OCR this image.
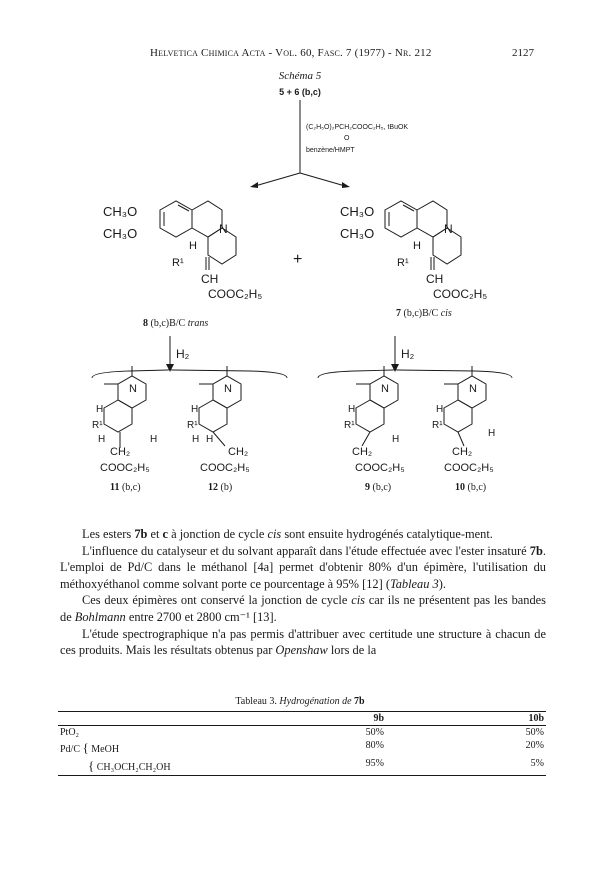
Helvetica Chimica Acta - Vol. 60, Fasc. 7 (1977) - Nr. 212	2127
Schéma 5
5 + 6 (b,c)
(C₂H₅O)₂PCH₂COOC₂H₅, tBuOK
O
benzène/HMPT
CH₃O
CH₃O	N
H
R¹
CH
COOC₂H₅
+
CH₃O
CH₃O	N
H
R¹
CH
COOC₂H₅
H₂	H₂
N
H
R¹
H	H
CH₂
COOC₂H₅
N
H
R¹
H H
CH₂
COOC₂H₅
N
H
R¹
CH₂
H
COOC₂H₅
N
H
R¹
CH₂
H
COOC₂H₅
8 (b,c)B/C trans
7 (b,c)B/C cis
11 (b,c)	12 (b)	9 (b,c)	10 (b,c)

Les esters 7b et c à jonction de cycle cis sont ensuite hydrogénés catalytique-ment.

L'influence du catalyseur et du solvant apparaît dans l'étude effectuée avec l'ester insaturé 7b. L'emploi de Pd/C dans le méthanol [4a] permet d'obtenir 80% d'un épimère, l'utilisation du méthoxyéthanol comme solvant porte ce pourcentage à 95% [12] (Tableau 3).

Ces deux épimères ont conservé la jonction de cycle cis car ils ne présentent pas les bandes de Bohlmann entre 2700 et 2800 cm⁻¹ [13].

L'étude spectrographique n'a pas permis d'attribuer avec certitude une structure à chacun de ces produits. Mais les résultats obtenus par Openshaw lors de la

Tableau 3. Hydrogénation de 7b
	9b	10b
PtO₂	50%	50%
Pd/C { MeOH	80%	20%
{ CH₃OCH₂CH₂OH	95%	5%
